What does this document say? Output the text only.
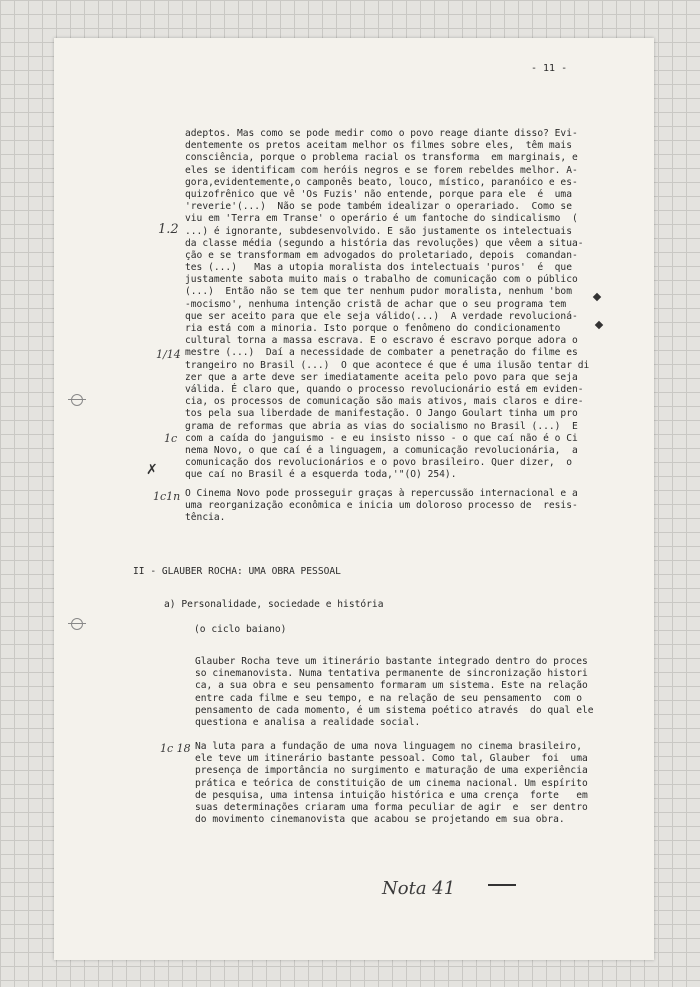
- 11 -
adeptos. Mas como se pode medir como o povo reage diante disso? Evi-
dentemente os pretos aceitam melhor os filmes sobre eles,  têm mais
consciência, porque o problema racial os transforma  em marginais, e
eles se identificam com heróis negros e se forem rebeldes melhor. A-
gora,evidentemente,o camponês beato, louco, místico, paranóico e es-
quizofrênico que vê 'Os Fuzis' não entende, porque para ele  é  uma
'reverie'(...)  Não se pode também idealizar o operariado.  Como se
viu em 'Terra em Transe' o operário é um fantoche do sindicalismo  (
...) é ignorante, subdesenvolvido. E são justamente os intelectuais
da classe média (segundo a história das revoluções) que vêem a situa-
ção e se transformam em advogados do proletariado, depois  comandan-
tes (...)   Mas a utopia moralista dos intelectuais 'puros'  é  que
justamente sabota muito mais o trabalho de comunicação com o público
(...)  Então não se tem que ter nenhum pudor moralista, nenhum 'bom
-mocismo', nenhuma intenção cristã de achar que o seu programa tem
que ser aceito para que ele seja válido(...)  A verdade revolucioná-
ria está com a minoria. Isto porque o fenômeno do condicionamento
cultural torna a massa escrava. E o escravo é escravo porque adora o
mestre (...)  Daí a necessidade de combater a penetração do filme es
trangeiro no Brasil (...)  O que acontece é que é uma ilusão tentar di
zer que a arte deve ser imediatamente aceita pelo povo para que seja
válida. É claro que, quando o processo revolucionário está em eviden-
cia, os processos de comunicação são mais ativos, mais claros e dire-
tos pela sua liberdade de manifestação. O Jango Goulart tinha um pro
grama de reformas que abria as vias do socialismo no Brasil (...)  E
com a caída do janguismo - e eu insisto nisso - o que caí não é o Ci
nema Novo, o que caí é a linguagem, a comunicação revolucionária,  a
comunicação dos revolucionários e o povo brasileiro. Quer dizer,  o
que caí no Brasil é a esquerda toda,'"(O) 254).
O Cinema Novo pode prosseguir graças à repercussão internacional e a
uma reorganização econômica e inicia um doloroso processo de  resis-
tência.
II - GLAUBER ROCHA: UMA OBRA PESSOAL
a) Personalidade, sociedade e história
(o ciclo baiano)
Glauber Rocha teve um itinerário bastante integrado dentro do proces
so cinemanovista. Numa tentativa permanente de sincronização histori
ca, a sua obra e seu pensamento formaram um sistema. Este na relação
entre cada filme e seu tempo, e na relação de seu pensamento  com o
pensamento de cada momento, é um sistema poético através  do qual ele
questiona e analisa a realidade social.
Na luta para a fundação de uma nova linguagem no cinema brasileiro,
ele teve um itinerário bastante pessoal. Como tal, Glauber  foi  uma
presença de importância no surgimento e maturação de uma experiência
prática e teórica de constituição de um cinema nacional. Um espírito
de pesquisa, uma intensa intuição histórica e uma crença  forte   em
suas determinações criaram uma forma peculiar de agir  e  ser dentro
do movimento cinemanovista que acabou se projetando em sua obra.
1.2
1/14
1c
✗
1c1n
1c 18
Nota 41
